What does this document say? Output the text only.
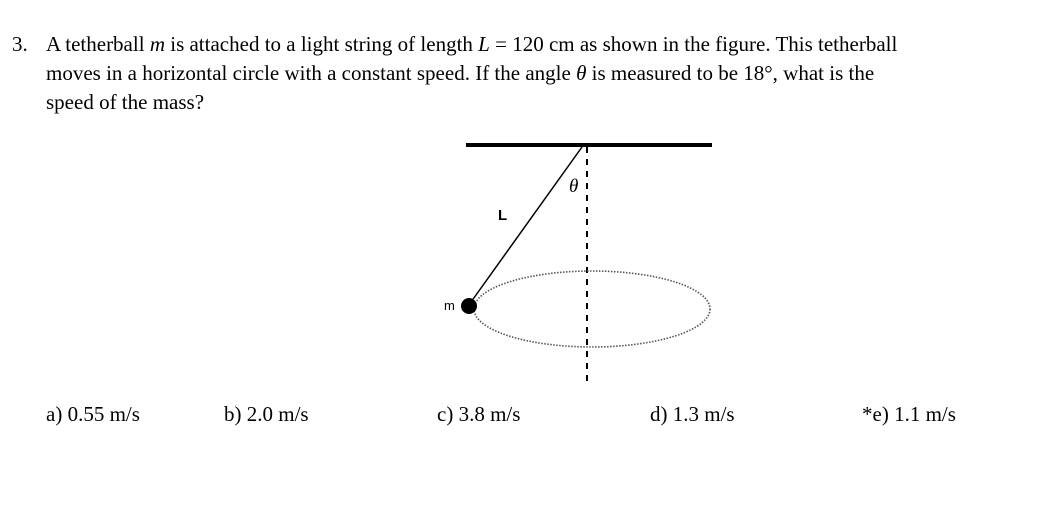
3. A tetherball m is attached to a light string of length L = 120 cm as shown in the figure. This tetherball
moves in a horizontal circle with a constant speed. If the angle θ is measured to be 18°, what is the
speed of the mass?
L
m
θ
a) 0.55 m/s	b) 2.0 m/s	c) 3.8 m/s	d) 1.3 m/s	*e) 1.1 m/s
